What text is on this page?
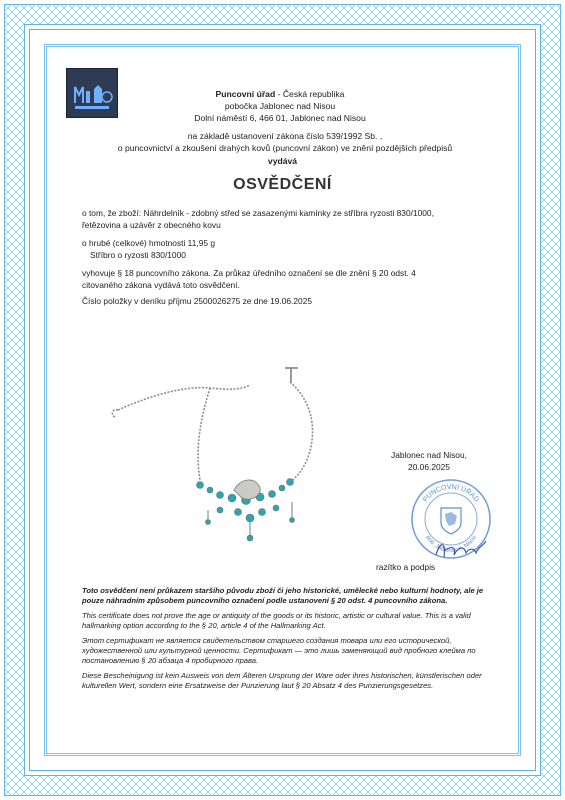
Puncovní úřad - Česká republika
pobočka Jablonec nad Nisou
Dolní náměstí 6, 466 01, Jablonec nad Nisou
na základě ustanovení zákona číslo 539/1992 Sb. ,
o puncovnictví a zkoušení drahých kovů (puncovní zákon) ve znění pozdějších předpisů
vydává
OSVĚDČENÍ
o tom, že zboží: Náhrdelník - zdobný střed se zasazenými kamínky ze stříbra ryzosti 830/1000,
řetězovina a uzávěr z obecného kovu
o hrubé (celkové) hmotnosti 11,95 g
Stříbro o ryzosti 830/1000
vyhovuje § 18 puncovního zákona. Za průkaz úředního označení se dle znění § 20 odst. 4
citovaného zákona vydává toto osvědčení.
Číslo položky v deníku příjmu 2500026275 ze dne 19.06.2025
Jablonec nad Nisou,
20.06.2025
PUNCOVNÍ ÚŘAD
pob. Jablonec n. Nisou
razítko a podpis

Toto osvědčení není průkazem staršího původu zboží či jeho historické, umělecké nebo kulturní hodnoty, ale je pouze náhradním způsobem puncovního označení podle ustanovení § 20 odst. 4 puncovního zákona.

This certificate does not prove the age or antiquity of the goods or its historic, artistic or cultural value. This is a valid hallmarking option according to the § 20, article 4 of the Hallmarking Act.

Этот сертификат не является свидетельством старшего создания товара или его исторической, художественной или культурной ценности. Сертификат — это лишь заменяющий вид пробного клейма по постановлению § 20 абзаца 4 пробирного права.

Diese Bescheinigung ist kein Ausweis von dem Älteren Ursprung der Ware oder ihres historischen, künstlerischen oder kulturellen Wert, sondern eine Ersatzweise der Punzierung laut § 20 Absatz 4 des Punzierungsgesetzes.
